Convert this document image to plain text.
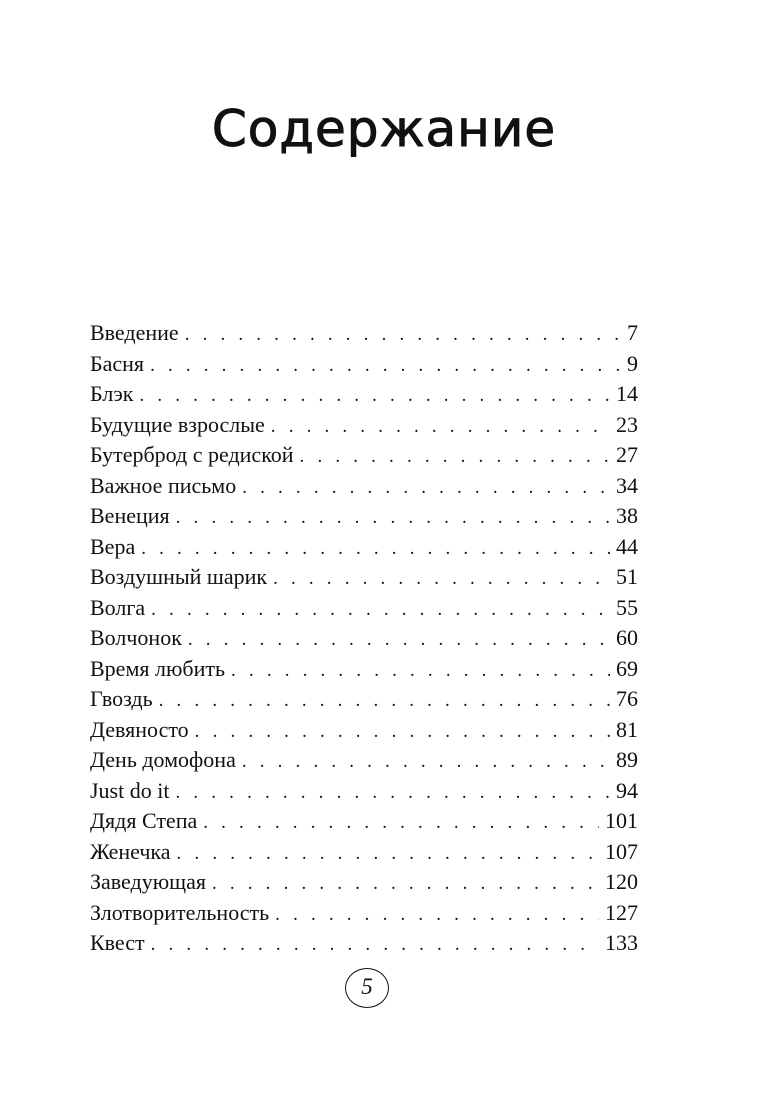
Содержание
Введение . . .	7
Басня . . .	9
Блэк . . .	14
Будущие взрослые . . .	23
Бутерброд с редиской . . .	27
Важное письмо . . .	34
Венеция . . .	38
Вера . . .	44
Воздушный шарик . . .	51
Волга . . .	55
Волчонок . . .	60
Время любить . . .	69
Гвоздь . . .	76
Девяносто . . .	81
День домофона . . .	89
Just do it . . .	94
Дядя Степа . . .	101
Женечка . . .	107
Заведующая . . .	120
Злотворительность . . .	127
Квест . . .	133
5
